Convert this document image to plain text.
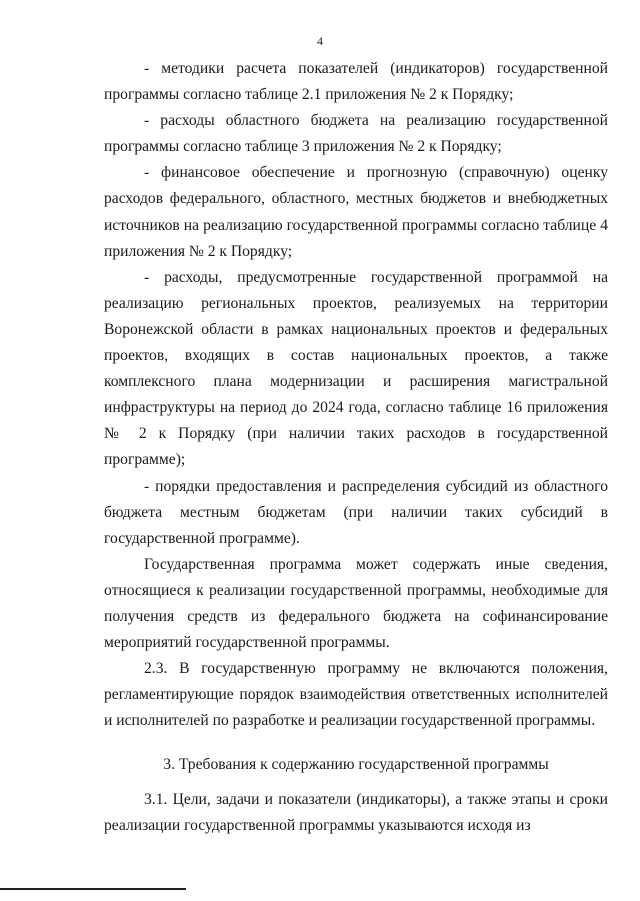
4

- методики расчета показателей (индикаторов) государственной программы согласно таблице 2.1 приложения № 2 к Порядку;

- расходы областного бюджета на реализацию государственной программы согласно таблице 3 приложения № 2 к Порядку;

- финансовое обеспечение и прогнозную (справочную) оценку расходов федерального, областного, местных бюджетов и внебюджетных источников на реализацию государственной программы согласно таблице 4 приложения № 2 к Порядку;

- расходы, предусмотренные государственной программой на реализацию региональных проектов, реализуемых на территории Воронежской области в рамках национальных проектов и федеральных проектов, входящих в состав национальных проектов, а также комплексного плана модернизации и расширения магистральной инфраструктуры на период до 2024 года, согласно таблице 16 приложения № 2 к Порядку (при наличии таких расходов в государственной программе);

- порядки предоставления и распределения субсидий из областного бюджета местным бюджетам (при наличии таких субсидий в государственной программе).

Государственная программа может содержать иные сведения, относящиеся к реализации государственной программы, необходимые для получения средств из федерального бюджета на софинансирование мероприятий государственной программы.

2.3. В государственную программу не включаются положения, регламентирующие порядок взаимодействия ответственных исполнителей и исполнителей по разработке и реализации государственной программы.

3. Требования к содержанию государственной программы

3.1. Цели, задачи и показатели (индикаторы), а также этапы и сроки реализации государственной программы указываются исходя из
